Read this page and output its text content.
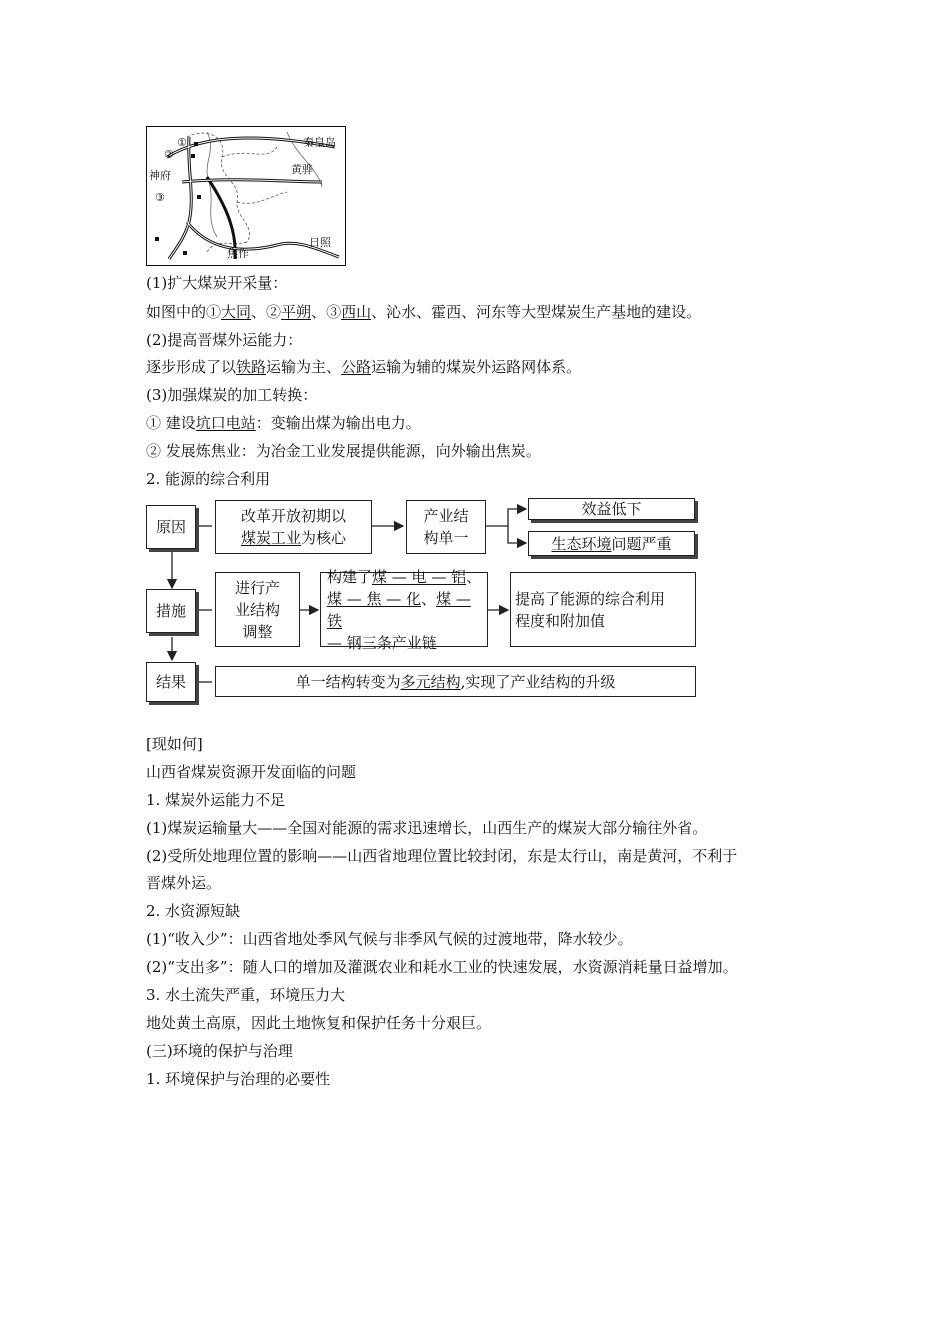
①
②
神府
③
秦皇岛
黄骅
焦作
日照
(1)扩大煤炭开采量：
如图中的①大同、②平朔、③西山、沁水、霍西、河东等大型煤炭生产基地的建设。
(2)提高晋煤外运能力：
逐步形成了以铁路运输为主、公路运输为辅的煤炭外运路网体系。
(3)加强煤炭的加工转换：
① 建设坑口电站：变输出煤为输出电力。
② 发展炼焦业：为冶金工业发展提供能源，向外输出焦炭。
2. 能源的综合利用
原因
措施
结果
改革开放初期以
煤炭工业为核心
产业结
构单一
效益低下
生态环境问题严重
进行产
业结构
调整
构建了煤 — 电 — 铝、
煤 — 焦 — 化、煤 — 铁
— 钢三条产业链
提高了能源的综合利用
程度和附加值
单一结构转变为多元结构,实现了产业结构的升级
[现如何]
山西省煤炭资源开发面临的问题
1. 煤炭外运能力不足
(1)煤炭运输量大——全国对能源的需求迅速增长，山西生产的煤炭大部分输往外省。
(2)受所处地理位置的影响——山西省地理位置比较封闭，东是太行山，南是黄河，不利于
晋煤外运。
2. 水资源短缺
(1)“收入少”：山西省地处季风气候与非季风气候的过渡地带，降水较少。
(2)“支出多”：随人口的增加及灌溉农业和耗水工业的快速发展，水资源消耗量日益增加。
3. 水土流失严重，环境压力大
地处黄土高原，因此土地恢复和保护任务十分艰巨。
(三)环境的保护与治理
1. 环境保护与治理的必要性
